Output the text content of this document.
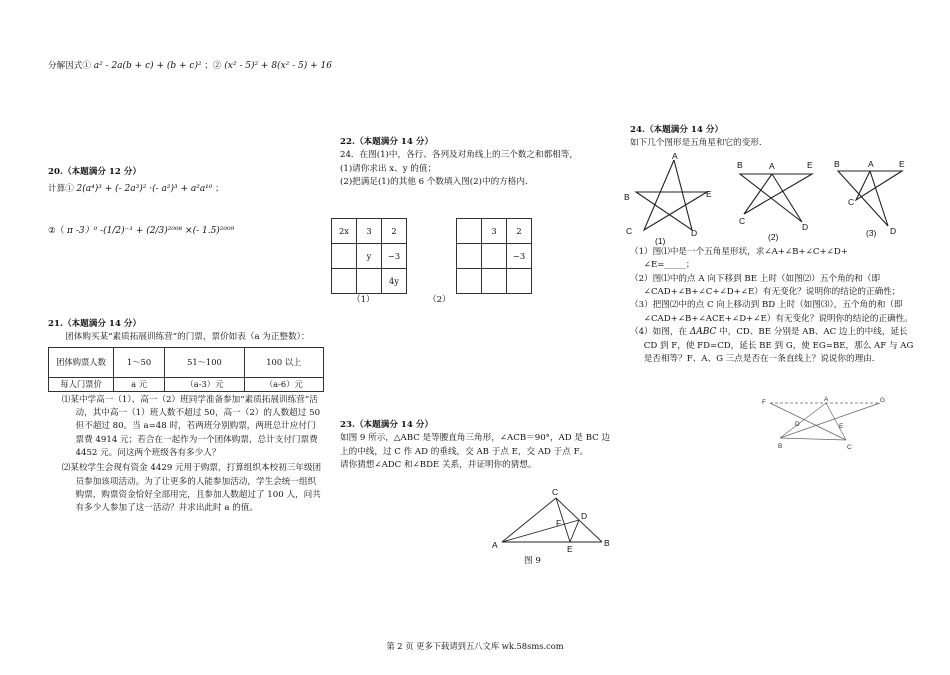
分解因式① a² - 2a(b + c) + (b + c)² ；② (x² - 5)² + 8(x² - 5) + 16

20.（本题满分 12 分）

计算① 2(a⁴)³ + (- 2a³)² ·(- a²)³ + a²a¹⁰ ；

②（ π -3）⁰ -(1/2)⁻¹ + (2/3)²⁰⁰⁸ ×(- 1.5)²⁰⁰⁹

21.（本题满分 14 分）

团体购买某“素质拓展训练营”的门票，票价如表（a 为正整数）：

团体购票人数	1～50	51～100	100 以上
每人门票价	a 元	（a-3）元	（a-6）元

⑴某中学高一（1）、高一（2）班同学准备参加“素质拓展训练营”活动，其中高一（1）班人数不超过 50，高一（2）的人数超过 50 但不超过 80。当 a=48 时，若两班分别购票，两班总计应付门票费 4914 元；若合在一起作为一个团体购票，总计支付门票费 4452 元。问这两个班级各有多少人？

⑵某校学生会现有资金 4429 元用于购票，打算组织本校初三年级团员参加该项活动。为了让更多的人能参加活动，学生会统一组织购票，购票资金恰好全部用完，且参加人数超过了 100 人，问共有多少人参加了这一活动？并求出此时 a 的值。

22.（本题满分 14 分）

24．在图(1)中，各行、各列及对角线上的三个数之和都相等，

(1)请你求出 x、y 的值；

(2)把满足(1)的其他 6 个数填入图(2)中的方格内．

2x	3	2
	y	−3
		4y
（1）
	3	2
		−3

（2）

23.（本题满分 14 分）

如图 9 所示，△ABC 是等腰直角三角形，∠ACB＝90°，AD 是 BC 边上的中线，过 C 作 AD 的垂线，交 AB 于点 E，交 AD 于点 F。

请你猜想∠ADC 和∠BDE 关系，并证明你的猜想。

A	B
C
D
E
F
图 9

24.（本题满分 14 分）

如下几个图形是五角星和它的变形.

A
B
C	D
E
(1)
A
B
C
D
E
(2)
A
B
C
D
E
(3)

（1）图⑴中是一个五角星形状，求∠A+∠B+∠C+∠D+

∠E=_____；

（2）图⑴中的点 A 向下移到 BE 上时（如图⑵）五个角的和（即∠CAD+∠B+∠C+∠D+∠E）有无变化？说明你的结论的正确性；

（3）把图⑵中的点 C 向上移动到 BD 上时（如图⑶），五个角的和（即∠CAD+∠B+∠ACE+∠D+∠E）有无变化？说明你的结论的正确性。

（4）如图，在 ΔABC 中，CD、BE 分别是 AB、AC 边上的中线，延长 CD 到 F，使 FD=CD，延长 BE 到 G，使 EG=BE，那么 AF 与 AG 是否相等？F、A、G 三点是否在一条直线上？说说你的理由.

F	A	G
D	E
B	C
第 2 页 更多下载请到五八文库 wk.58sms.com
